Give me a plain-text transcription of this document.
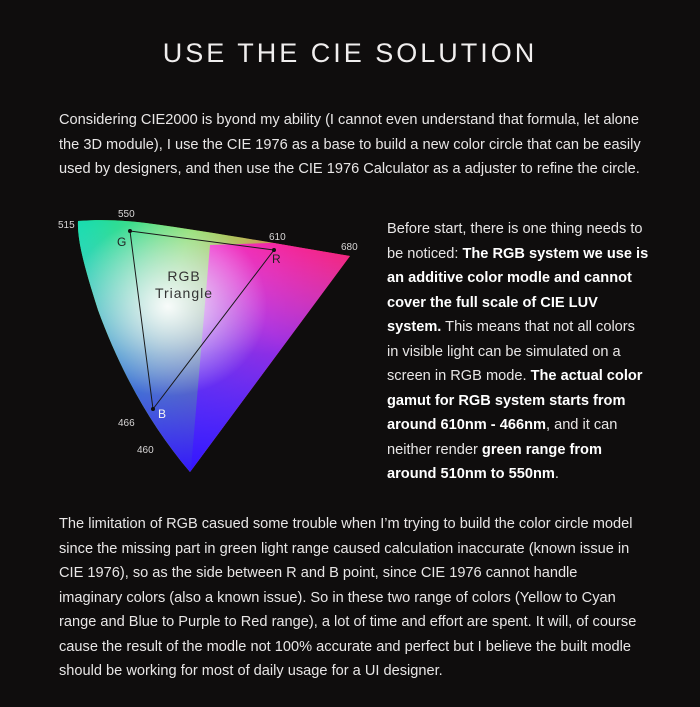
USE THE CIE SOLUTION

Considering CIE2000 is byond my ability (I cannot even understand that formula, let alone the 3D module), I use the CIE 1976 as a base to build a new color circle that can be easily used by designers, and then use the CIE 1976 Calculator as a adjuster to refine the circle.

G
R
B
RGB
Triangle
515
550
610
680
466
460

Before start, there is one thing needs to be noticed: The RGB system we use is an additive color modle and cannot cover the full scale of CIE LUV system. This means that not all colors in visible light can be simulated on a screen in RGB mode. The actual color gamut for RGB system starts from around 610nm - 466nm, and it can neither render green range from around 510nm to 550nm.

The limitation of RGB casued some trouble when I’m trying to build the color circle model since the missing part in green light range caused calculation inaccurate (known issue in CIE 1976), so as the side between R and B point, since CIE 1976 cannot handle imaginary colors (also a known issue). So in these two range of colors (Yellow to Cyan range and Blue to Purple to Red range), a lot of time and effort are spent. It will, of course cause the result of the modle not 100% accurate and perfect but I believe the built modle should be working for most of daily usage for a UI designer.
